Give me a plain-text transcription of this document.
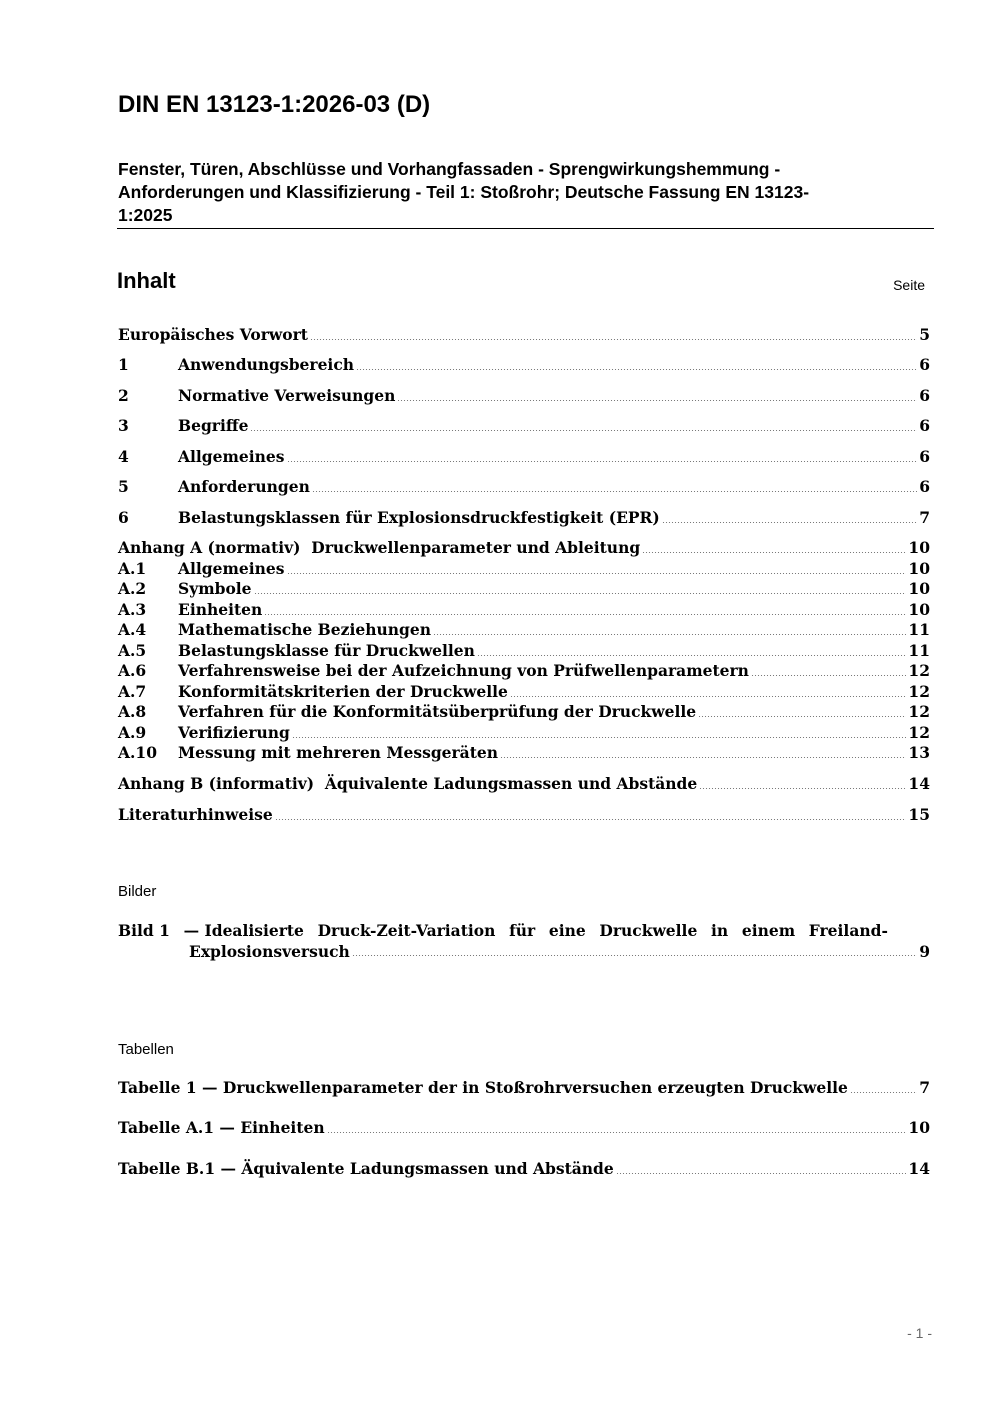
DIN EN 13123-1:2026-03 (D)
Fenster, Türen, Abschlüsse und Vorhangfassaden - Sprengwirkungshemmung -
Anforderungen und Klassifizierung - Teil 1: Stoßrohr; Deutsche Fassung EN 13123-
1:2025
Inhalt	Seite
Europäisches Vorwort	5
1	Anwendungsbereich	6
2	Normative Verweisungen	6
3	Begriffe	6
4	Allgemeines	6
5	Anforderungen	6
6	Belastungsklassen für Explosionsdruckfestigkeit (EPR)	7
Anhang A (normativ)  Druckwellenparameter und Ableitung	10
A.1	Allgemeines	10
A.2	Symbole	10
A.3	Einheiten	10
A.4	Mathematische Beziehungen	11
A.5	Belastungsklasse für Druckwellen	11
A.6	Verfahrensweise bei der Aufzeichnung von Prüfwellenparametern	12
A.7	Konformitätskriterien der Druckwelle	12
A.8	Verfahren für die Konformitätsüberprüfung der Druckwelle	12
A.9	Verifizierung	12
A.10	Messung mit mehreren Messgeräten	13
Anhang B (informativ)  Äquivalente Ladungsmassen und Abstände	14
Literaturhinweise	15
Bilder
Bild 1 — Idealisierte Druck-Zeit-Variation für eine Druckwelle in einem Freiland-
Explosionsversuch	9
Tabellen
Tabelle 1 — Druckwellenparameter der in Stoßrohrversuchen erzeugten Druckwelle	7
Tabelle A.1 — Einheiten	10
Tabelle B.1 — Äquivalente Ladungsmassen und Abstände	14
- 1 -
